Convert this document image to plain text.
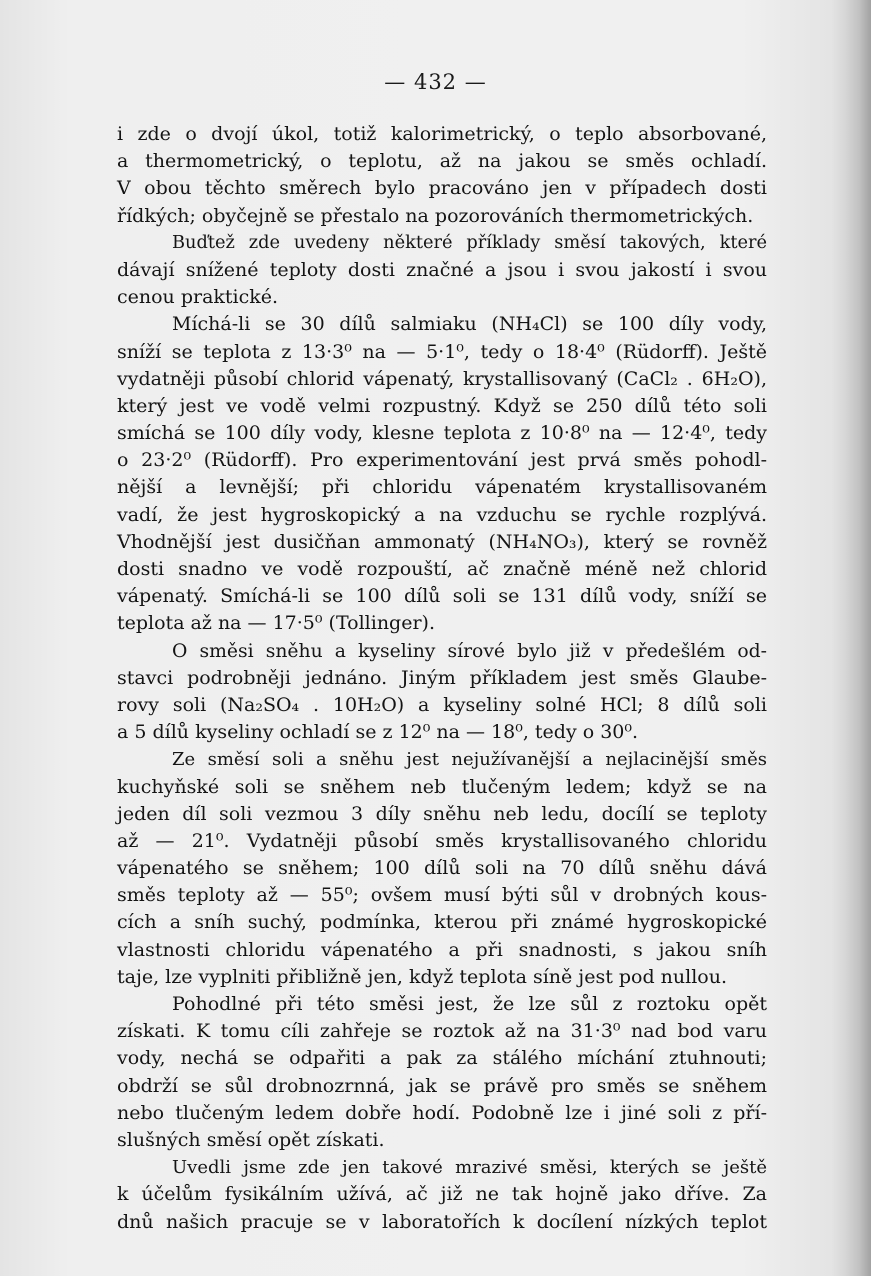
— 432 —
i zde o dvojí úkol, totiž kalorimetrický, o teplo absorbované,
a thermometrický, o teplotu, až na jakou se směs ochladí.
V obou těchto směrech bylo pracováno jen v případech dosti
řídkých; obyčejně se přestalo na pozorováních thermometrických.
Buďtež zde uvedeny některé příklady směsí takových, které
dávají snížené teploty dosti značné a jsou i svou jakostí i svou
cenou praktické.
Míchá-li se 30 dílů salmiaku (NH₄Cl) se 100 díly vody,
sníží se teplota z 13·3⁰ na — 5·1⁰, tedy o 18·4⁰ (Rüdorff). Ještě
vydatněji působí chlorid vápenatý, krystallisovaný (CaCl₂ . 6H₂O),
který jest ve vodě velmi rozpustný. Když se 250 dílů této soli
smíchá se 100 díly vody, klesne teplota z 10·8⁰ na — 12·4⁰, tedy
o 23·2⁰ (Rüdorff). Pro experimentování jest prvá směs pohodl-
nější a levnější; při chloridu vápenatém krystallisovaném
vadí, že jest hygroskopický a na vzduchu se rychle rozplývá.
Vhodnější jest dusičňan ammonatý (NH₄NO₃), který se rovněž
dosti snadno ve vodě rozpouští, ač značně méně než chlorid
vápenatý. Smíchá-li se 100 dílů soli se 131 dílů vody, sníží se
teplota až na — 17·5⁰ (Tollinger).
O směsi sněhu a kyseliny sírové bylo již v předešlém od-
stavci podrobněji jednáno. Jiným příkladem jest směs Glaube-
rovy soli (Na₂SO₄ . 10H₂O) a kyseliny solné HCl; 8 dílů soli
a 5 dílů kyseliny ochladí se z 12⁰ na — 18⁰, tedy o 30⁰.
Ze směsí soli a sněhu jest nejužívanější a nejlacinější směs
kuchyňské soli se sněhem neb tlučeným ledem; když se na
jeden díl soli vezmou 3 díly sněhu neb ledu, docílí se teploty
až — 21⁰. Vydatněji působí směs krystallisovaného chloridu
vápenatého se sněhem; 100 dílů soli na 70 dílů sněhu dává
směs teploty až — 55⁰; ovšem musí býti sůl v drobných kous-
cích a sníh suchý, podmínka, kterou při známé hygroskopické
vlastnosti chloridu vápenatého a při snadnosti, s jakou sníh
taje, lze vyplniti přibližně jen, když teplota síně jest pod nullou.
Pohodlné při této směsi jest, že lze sůl z roztoku opět
získati. K tomu cíli zahřeje se roztok až na 31·3⁰ nad bod varu
vody, nechá se odpařiti a pak za stálého míchání ztuhnouti;
obdrží se sůl drobnozrnná, jak se právě pro směs se sněhem
nebo tlučeným ledem dobře hodí. Podobně lze i jiné soli z pří-
slušných směsí opět získati.
Uvedli jsme zde jen takové mrazivé směsi, kterých se ještě
k účelům fysikálním užívá, ač již ne tak hojně jako dříve. Za
dnů našich pracuje se v laboratořích k docílení nízkých teplot
